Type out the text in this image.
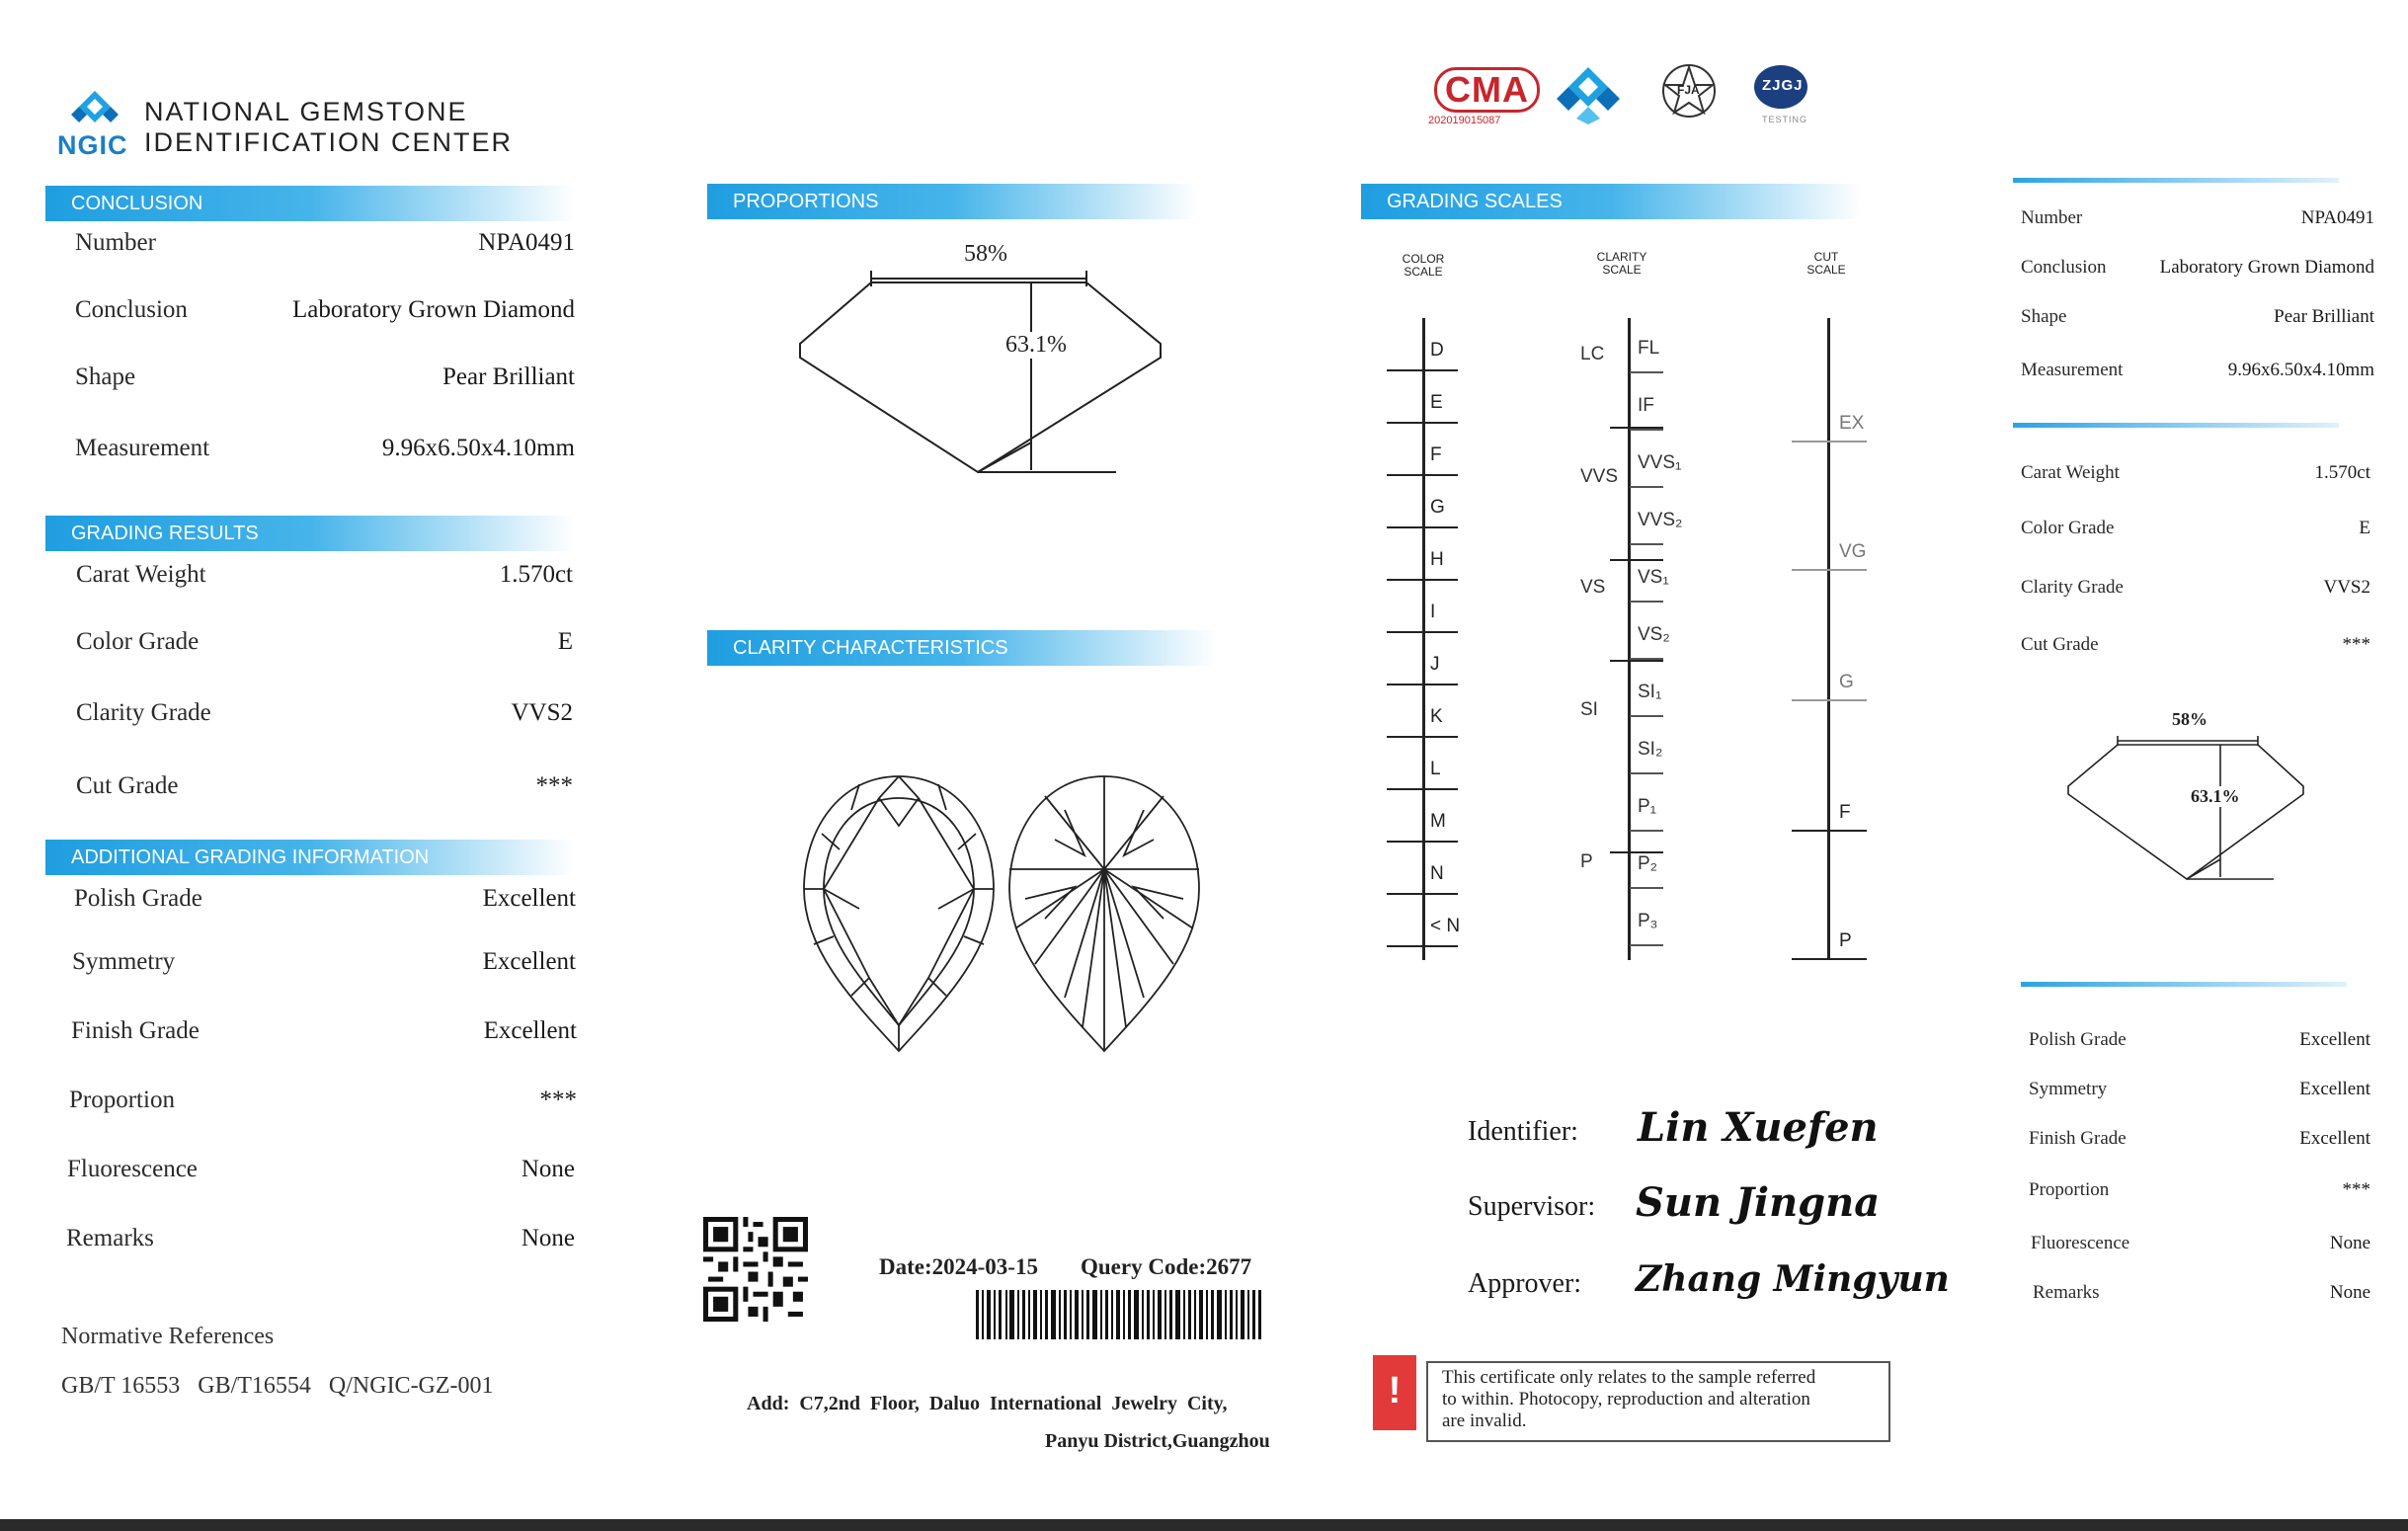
NGIC
NATIONAL GEMSTONE
IDENTIFICATION CENTER
CONCLUSION
Number	NPA0491
Conclusion	Laboratory Grown Diamond
Shape	Pear Brilliant
Measurement	9.96x6.50x4.10mm
GRADING RESULTS
Carat Weight	1.570ct
Color Grade	E
Clarity Grade	VVS2
Cut Grade	***
ADDITIONAL GRADING INFORMATION
Polish Grade	Excellent
Symmetry	Excellent
Finish Grade	Excellent
Proportion	***
Fluorescence	None
Remarks	None
Normative References
GB/T 16553   GB/T16554   Q/NGIC-GZ-001
PROPORTIONS
58%
63.1%
CLARITY CHARACTERISTICS
Date:2024-03-15 Query Code:2677
Add:  C7,2nd  Floor,  Daluo  International  Jewelry  City,
Panyu District,Guangzhou
CMA
202019015087
FJA	ZJGJ
TESTING
GRADING SCALES
COLOR
SCALE
CLARITY
SCALE
CUT
SCALE
D
E
F
G
H
I
J
K
L
M
N
< N
FL
IF
VVS₁
VVS₂
VS₁
VS₂
SI₁
SI₂
P₁
P₂
P₃
LC
VVS
VS
SI
P
EX
VG
G
F
P
Identifier: Lin Xuefen
Supervisor: Sun Jingna
Approver: Zhang Mingyun
!	This certificate only relates to the sample referred
to within. Photocopy, reproduction and alteration
are invalid.
Number	NPA0491
Conclusion	Laboratory Grown Diamond
Shape	Pear Brilliant
Measurement	9.96x6.50x4.10mm
Carat Weight	1.570ct
Color Grade	E
Clarity Grade	VVS2
Cut Grade	***
58%
63.1%
Polish Grade	Excellent
Symmetry	Excellent
Finish Grade	Excellent
Proportion	***
Fluorescence	None
Remarks	None
